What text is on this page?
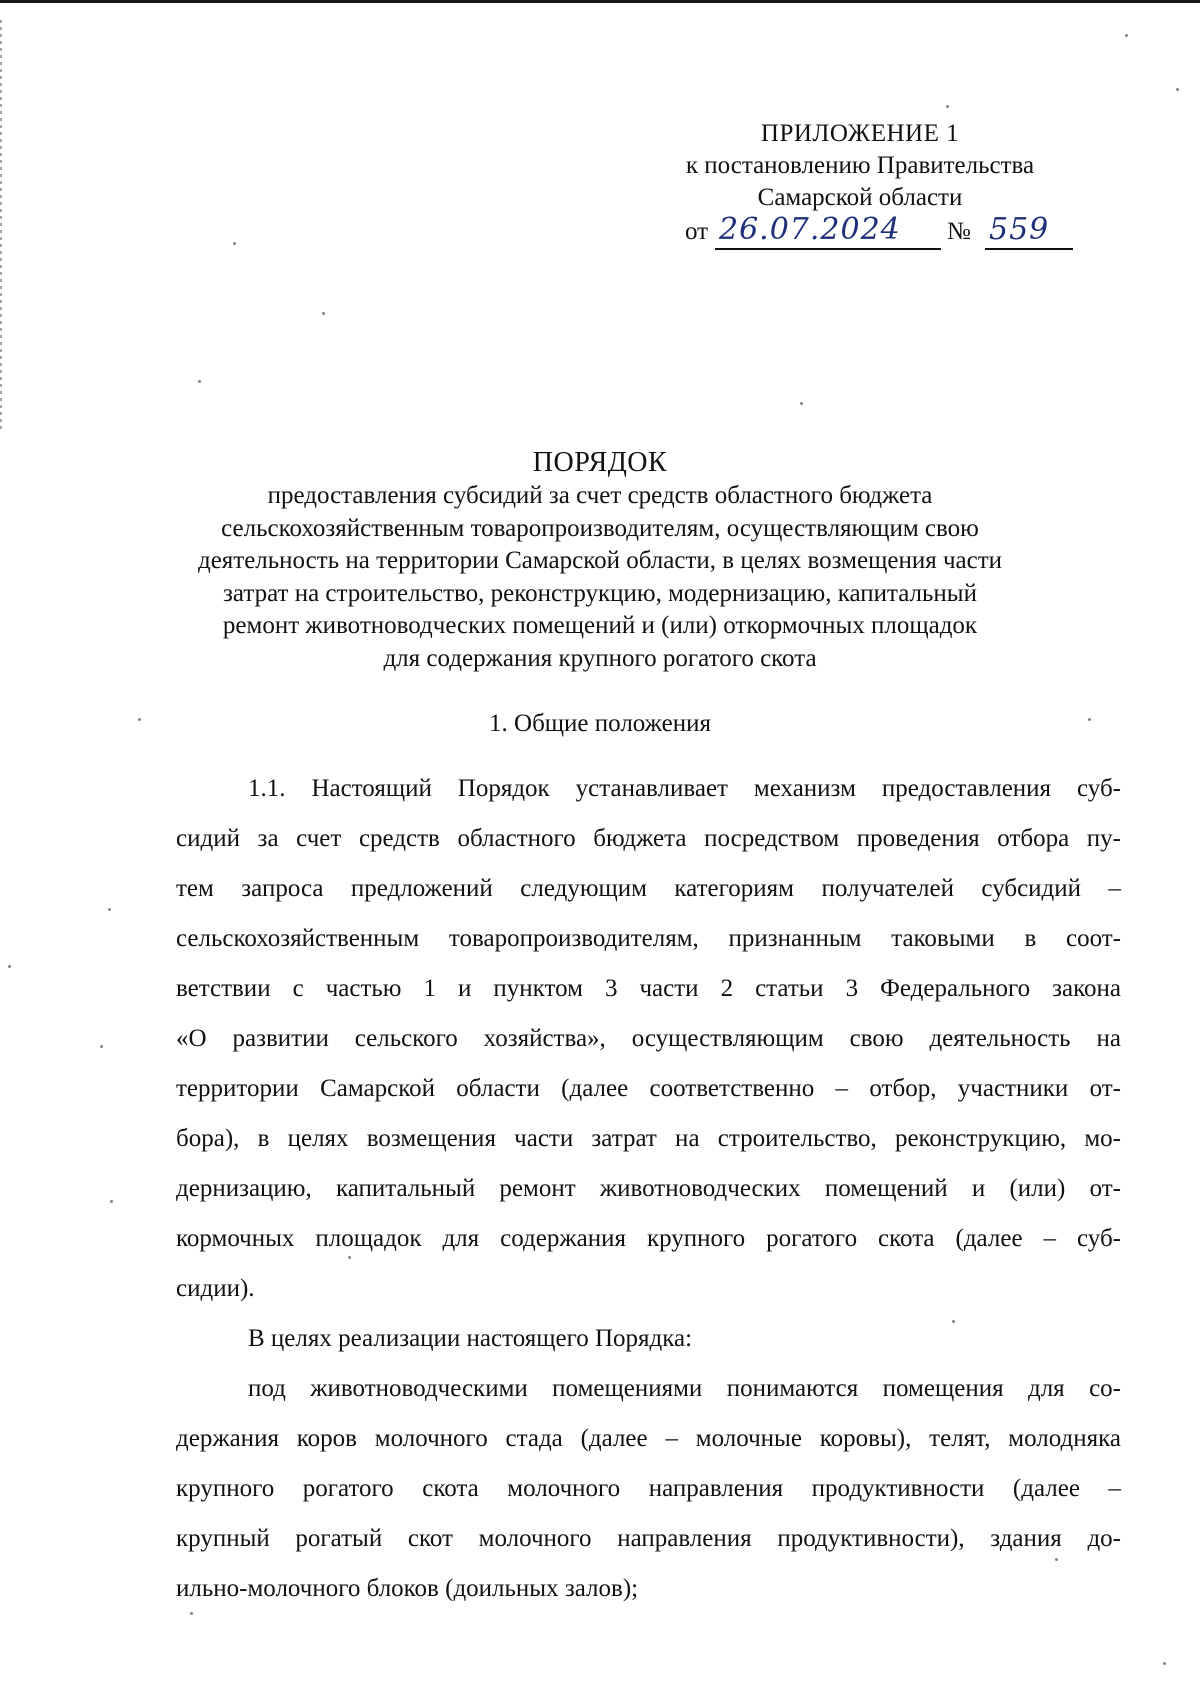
ПРИЛОЖЕНИЕ 1
к постановлению Правительства
Самарской области
от 26.07.2024 № 559
ПОРЯДОК
предоставления субсидий за счет средств областного бюджета
сельскохозяйственным товаропроизводителям, осуществляющим свою
деятельность на территории Самарской области, в целях возмещения части
затрат на строительство, реконструкцию, модернизацию, капитальный
ремонт животноводческих помещений и (или) откормочных площадок
для содержания крупного рогатого скота
1. Общие положения
1.1. Настоящий Порядок устанавливает механизм предоставления суб-
сидий за счет средств областного бюджета посредством проведения отбора пу-
тем запроса предложений следующим категориям получателей субсидий –
сельскохозяйственным товаропроизводителям, признанным таковыми в соот-
ветствии с частью 1 и пунктом 3 части 2 статьи 3 Федерального закона
«О развитии сельского хозяйства», осуществляющим свою деятельность на
территории Самарской области (далее соответственно – отбор, участники от-
бора), в целях возмещения части затрат на строительство, реконструкцию, мо-
дернизацию, капитальный ремонт животноводческих помещений и (или) от-
кормочных площадок для содержания крупного рогатого скота (далее – суб-
сидии).
В целях реализации настоящего Порядка:
под животноводческими помещениями понимаются помещения для со-
держания коров молочного стада (далее – молочные коровы), телят, молодняка
крупного рогатого скота молочного направления продуктивности (далее –
крупный рогатый скот молочного направления продуктивности), здания до-
ильно-молочного блоков (доильных залов);
